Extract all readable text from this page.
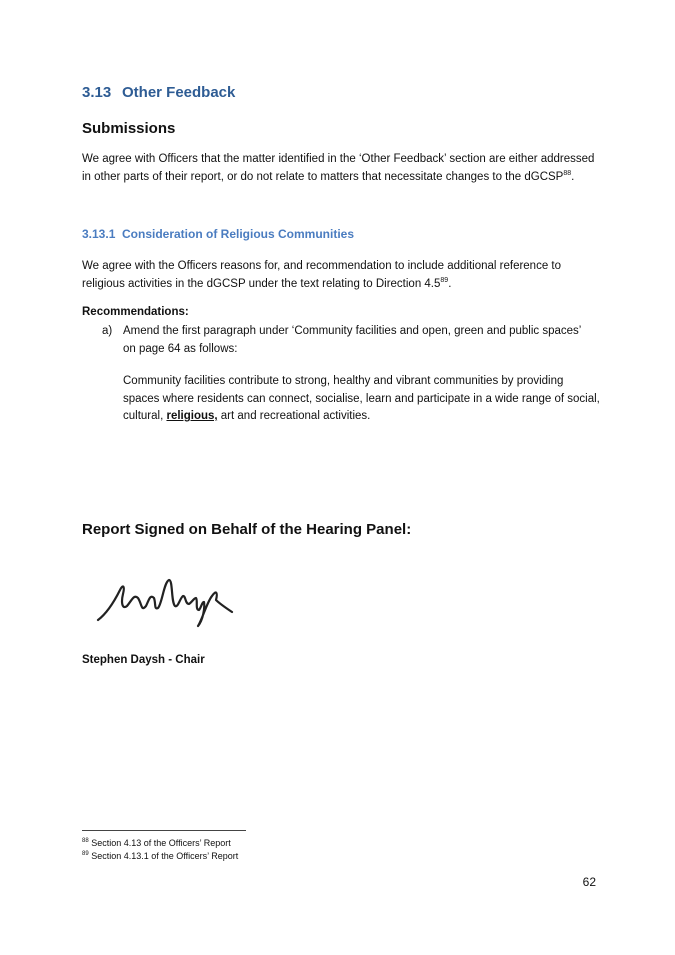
3.13 Other Feedback
Submissions
We agree with Officers that the matter identified in the ‘Other Feedback’ section are either addressed in other parts of their report, or do not relate to matters that necessitate changes to the dGCSP$^{88}$.
3.13.1 Consideration of Religious Communities
We agree with the Officers reasons for, and recommendation to include additional reference to religious activities in the dGCSP under the text relating to Direction $4.5^{89}$.
Recommendations:
a) Amend the first paragraph under ‘Community facilities and open, green and public spaces’ on page 64 as follows:
Community facilities contribute to strong, healthy and vibrant communities by providing spaces where residents can connect, socialise, learn and participate in a wide range of social, cultural, religious, art and recreational activities.
Report Signed on Behalf of the Hearing Panel:
Stephen Daysh - Chair
$^{88}$ Section 4.13 of the Officers’ Report
$^{89}$ Section 4.13.1 of the Officers’ Report
62
